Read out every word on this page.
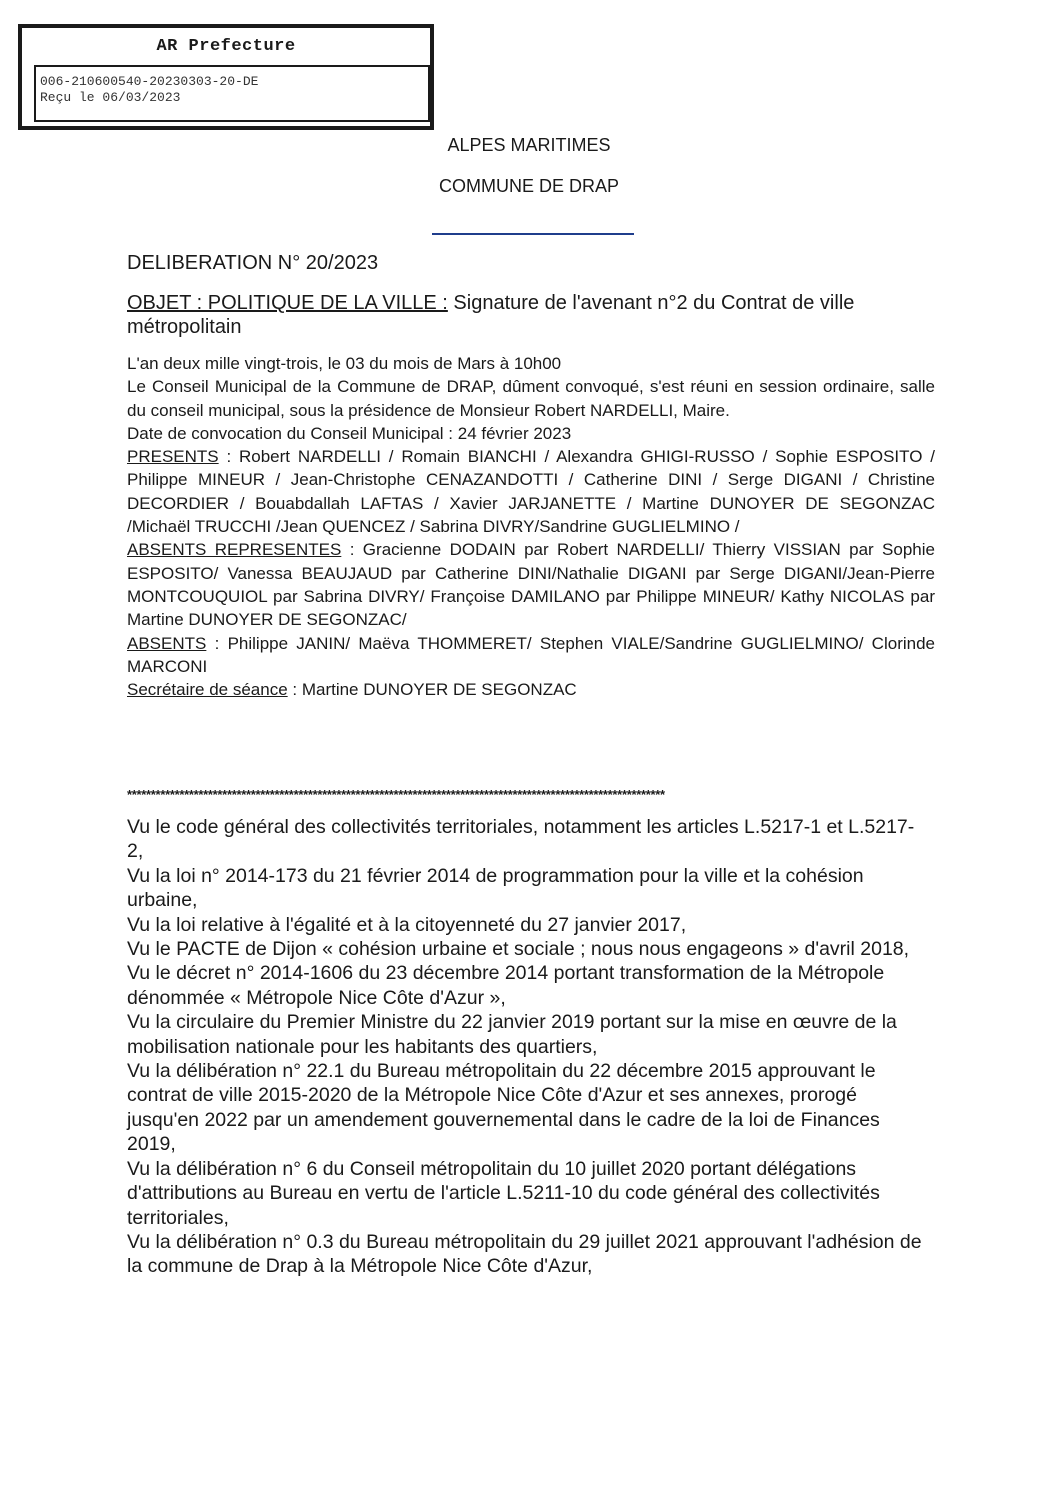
AR Prefecture
006-210600540-20230303-20-DE
Reçu le 06/03/2023
ALPES MARITIMES
COMMUNE DE DRAP
DELIBERATION N° 20/2023
OBJET : POLITIQUE DE LA VILLE : Signature de l'avenant n°2 du Contrat de ville métropolitain

L'an deux mille vingt-trois, le 03 du mois de Mars à 10h00

Le Conseil Municipal de la Commune de DRAP, dûment convoqué, s'est réuni en session ordinaire, salle du conseil municipal, sous la présidence de Monsieur Robert NARDELLI, Maire.

Date de convocation du Conseil Municipal : 24 février 2023

PRESENTS : Robert NARDELLI / Romain BIANCHI / Alexandra GHIGI-RUSSO / Sophie ESPOSITO / Philippe MINEUR / Jean-Christophe CENAZANDOTTI / Catherine DINI / Serge DIGANI / Christine DECORDIER / Bouabdallah LAFTAS / Xavier JARJANETTE / Martine DUNOYER DE SEGONZAC /Michaël TRUCCHI /Jean QUENCEZ / Sabrina DIVRY/Sandrine GUGLIELMINO /

ABSENTS REPRESENTES : Gracienne DODAIN par Robert NARDELLI/ Thierry VISSIAN par Sophie ESPOSITO/ Vanessa BEAUJAUD par Catherine DINI/Nathalie DIGANI par Serge DIGANI/Jean-Pierre MONTCOUQUIOL par Sabrina DIVRY/ Françoise DAMILANO par Philippe MINEUR/ Kathy NICOLAS par Martine DUNOYER DE SEGONZAC/

ABSENTS : Philippe JANIN/ Maëva THOMMERET/ Stephen VIALE/Sandrine GUGLIELMINO/ Clorinde MARCONI

Secrétaire de séance : Martine DUNOYER DE SEGONZAC

*****************************************************************************************************************

Vu le code général des collectivités territoriales, notamment les articles L.5217-1 et L.5217-2,

Vu la loi n° 2014-173 du 21 février 2014 de programmation pour la ville et la cohésion urbaine,

Vu la loi relative à l'égalité et à la citoyenneté du 27 janvier 2017,

Vu le PACTE de Dijon « cohésion urbaine et sociale ; nous nous engageons » d'avril 2018,

Vu le décret n° 2014-1606 du 23 décembre 2014 portant transformation de la Métropole dénommée « Métropole Nice Côte d'Azur »,

Vu la circulaire du Premier Ministre du 22 janvier 2019 portant sur la mise en œuvre de la mobilisation nationale pour les habitants des quartiers,

Vu la délibération n° 22.1 du Bureau métropolitain du 22 décembre 2015 approuvant le contrat de ville 2015-2020 de la Métropole Nice Côte d'Azur et ses annexes, prorogé jusqu'en 2022 par un amendement gouvernemental dans le cadre de la loi de Finances 2019,

Vu la délibération n° 6 du Conseil métropolitain du 10 juillet 2020 portant délégations d'attributions au Bureau en vertu de l'article L.5211-10 du code général des collectivités territoriales,

Vu la délibération n° 0.3 du Bureau métropolitain du 29 juillet 2021 approuvant l'adhésion de la commune de Drap à la Métropole Nice Côte d'Azur,
